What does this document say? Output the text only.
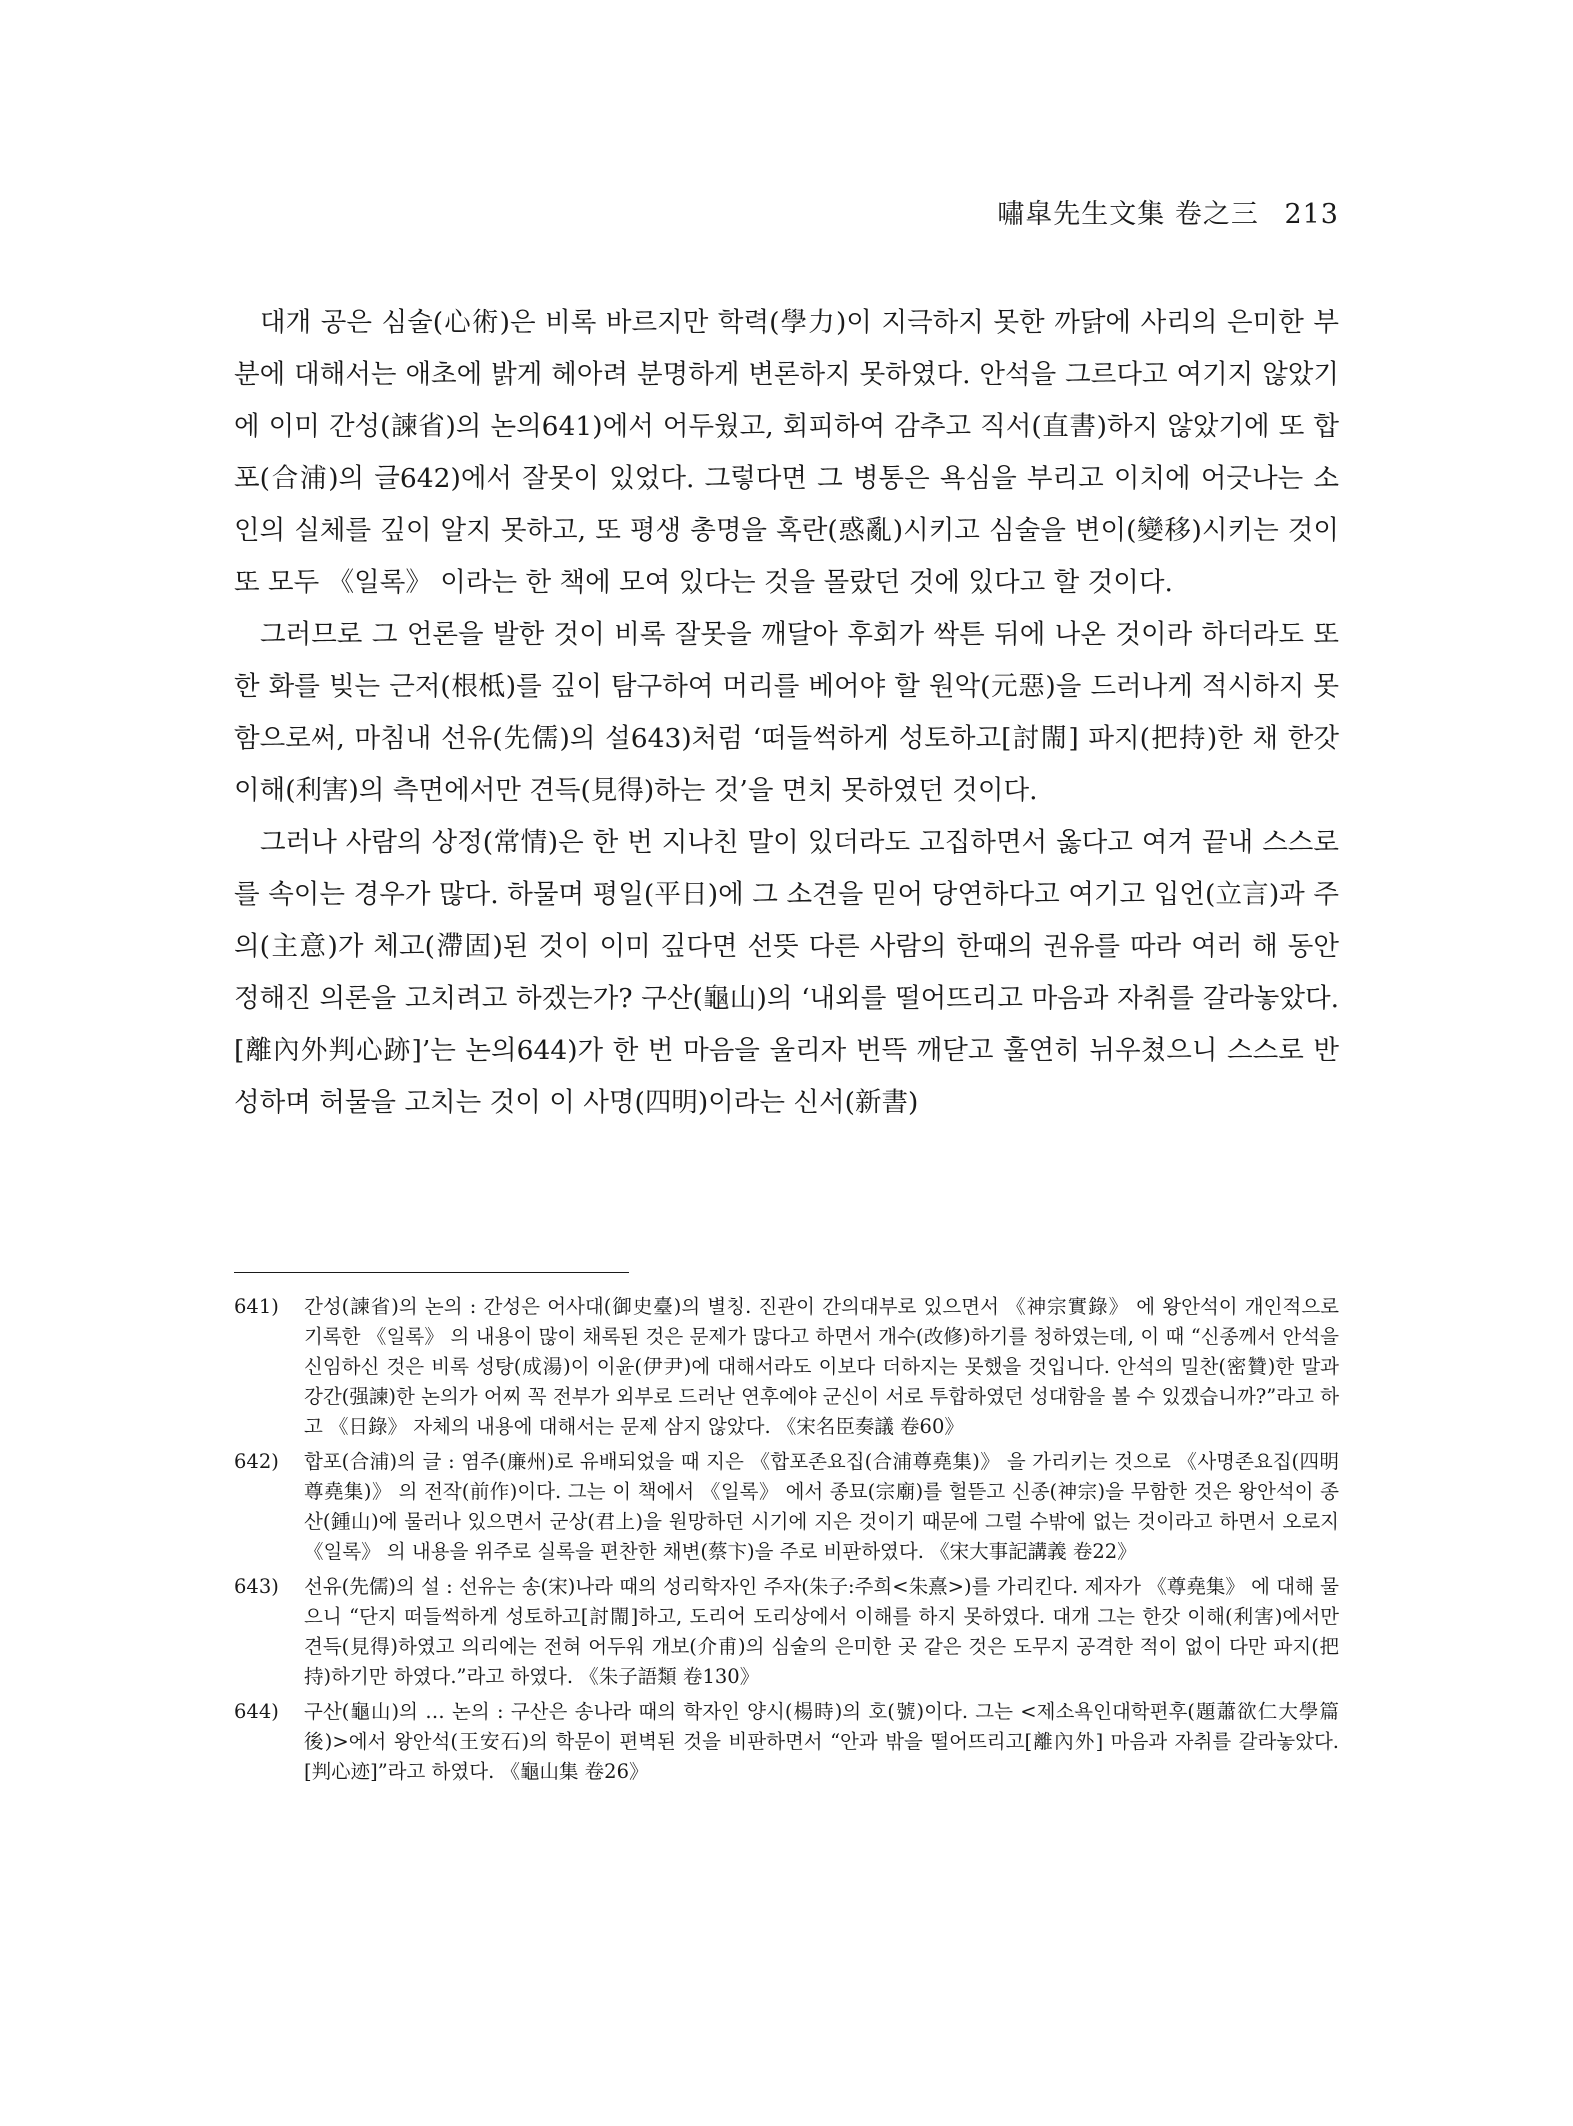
嘯皐先生文集 卷之三 213

대개 공은 심술(心術)은 비록 바르지만 학력(學力)이 지극하지 못한 까닭에 사리의 은미한 부분에 대해서는 애초에 밝게 헤아려 분명하게 변론하지 못하였다. 안석을 그르다고 여기지 않았기에 이미 간성(諫省)의 논의641)에서 어두웠고, 회피하여 감추고 직서(直書)하지 않았기에 또 합포(合浦)의 글642)에서 잘못이 있었다. 그렇다면 그 병통은 욕심을 부리고 이치에 어긋나는 소인의 실체를 깊이 알지 못하고, 또 평생 총명을 혹란(惑亂)시키고 심술을 변이(變移)시키는 것이 또 모두 《일록》 이라는 한 책에 모여 있다는 것을 몰랐던 것에 있다고 할 것이다.

그러므로 그 언론을 발한 것이 비록 잘못을 깨달아 후회가 싹튼 뒤에 나온 것이라 하더라도 또한 화를 빚는 근저(根柢)를 깊이 탐구하여 머리를 베어야 할 원악(元惡)을 드러나게 적시하지 못함으로써, 마침내 선유(先儒)의 설643)처럼 ‘떠들썩하게 성토하고[討閙] 파지(把持)한 채 한갓 이해(利害)의 측면에서만 견득(見得)하는 것’을 면치 못하였던 것이다.

그러나 사람의 상정(常情)은 한 번 지나친 말이 있더라도 고집하면서 옳다고 여겨 끝내 스스로를 속이는 경우가 많다. 하물며 평일(平日)에 그 소견을 믿어 당연하다고 여기고 입언(立言)과 주의(主意)가 체고(滯固)된 것이 이미 깊다면 선뜻 다른 사람의 한때의 권유를 따라 여러 해 동안 정해진 의론을 고치려고 하겠는가? 구산(龜山)의 ‘내외를 떨어뜨리고 마음과 자취를 갈라놓았다.[離內外判心跡]’는 논의644)가 한 번 마음을 울리자 번뜩 깨닫고 훌연히 뉘우쳤으니 스스로 반성하며 허물을 고치는 것이 이 사명(四明)이라는 신서(新書)

641) 간성(諫省)의 논의 : 간성은 어사대(御史臺)의 별칭. 진관이 간의대부로 있으면서 《神宗實錄》 에 왕안석이 개인적으로 기록한 《일록》 의 내용이 많이 채록된 것은 문제가 많다고 하면서 개수(改修)하기를 청하였는데, 이 때 “신종께서 안석을 신임하신 것은 비록 성탕(成湯)이 이윤(伊尹)에 대해서라도 이보다 더하지는 못했을 것입니다. 안석의 밀찬(密贊)한 말과 강간(强諫)한 논의가 어찌 꼭 전부가 외부로 드러난 연후에야 군신이 서로 투합하였던 성대함을 볼 수 있겠습니까?”라고 하고 《日錄》 자체의 내용에 대해서는 문제 삼지 않았다. 《宋名臣奏議 卷60》
642) 합포(合浦)의 글 : 염주(廉州)로 유배되었을 때 지은 《합포존요집(合浦尊堯集)》 을 가리키는 것으로 《사명존요집(四明尊堯集)》 의 전작(前作)이다. 그는 이 책에서 《일록》 에서 종묘(宗廟)를 헐뜯고 신종(神宗)을 무함한 것은 왕안석이 종산(鍾山)에 물러나 있으면서 군상(君上)을 원망하던 시기에 지은 것이기 때문에 그럴 수밖에 없는 것이라고 하면서 오로지 《일록》 의 내용을 위주로 실록을 편찬한 채변(蔡卞)을 주로 비판하였다. 《宋大事記講義 卷22》
643) 선유(先儒)의 설 : 선유는 송(宋)나라 때의 성리학자인 주자(朱子:주희<朱熹>)를 가리킨다. 제자가 《尊堯集》 에 대해 물으니 “단지 떠들썩하게 성토하고[討閙]하고, 도리어 도리상에서 이해를 하지 못하였다. 대개 그는 한갓 이해(利害)에서만 견득(見得)하였고 의리에는 전혀 어두워 개보(介甫)의 심술의 은미한 곳 같은 것은 도무지 공격한 적이 없이 다만 파지(把持)하기만 하였다.”라고 하였다. 《朱子語類 卷130》
644) 구산(龜山)의 … 논의 : 구산은 송나라 때의 학자인 양시(楊時)의 호(號)이다. 그는 <제소욕인대학편후(題蕭欲仁大學篇後)>에서 왕안석(王安石)의 학문이 편벽된 것을 비판하면서 “안과 밖을 떨어뜨리고[離內外] 마음과 자취를 갈라놓았다.[判心迹]”라고 하였다. 《龜山集 卷26》
